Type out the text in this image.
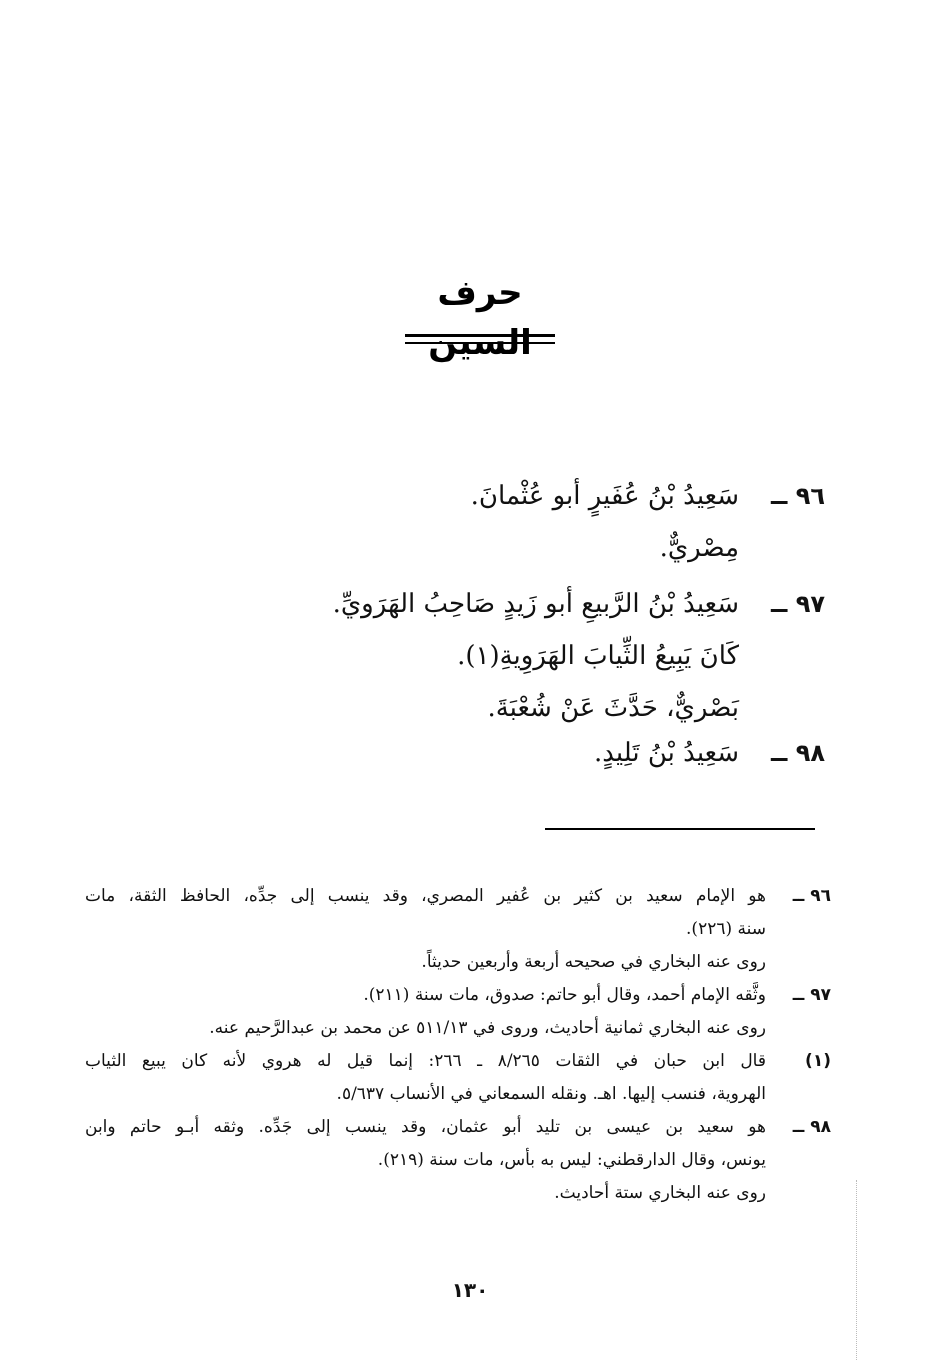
حرف السين
٩٦ ــ
سَعِيدُ بْنُ عُفَيرٍ أبو عُثْمانَ.
مِصْريٌّ.
٩٧ ــ
سَعِيدُ بْنُ الرَّبيعِ أبو زَيدٍ صَاحِبُ الهَرَويِّ.
كَانَ يَبِيعُ الثِّيابَ الهَرَوِيةِ(١).
بَصْريٌّ، حَدَّثَ عَنْ شُعْبَةَ.
٩٨ ــ
سَعِيدُ بْنُ تَلِيدٍ.
٩٦ ــ
هو الإمام سعيد بن كثير بن عُفير المصري، وقد ينسب إلى جدِّه، الحافظ الثقة، مات
سنة (٢٢٦).
روى عنه البخاري في صحيحه أربعة وأربعين حديثاً.
٩٧ ــ
وثَّقه الإمام أحمد، وقال أبو حاتم: صدوق، مات سنة (٢١١).
روى عنه البخاري ثمانية أحاديث، وروى في ٥١١/١٣ عن محمد بن عبدالرَّحيم عنه.
(١)
قال ابن حبان في الثقات ٨/٢٦٥ ـ ٢٦٦: إنما قيل له هروي لأنه كان يبيع الثياب
الهروية، فنسب إليها. اهـ. ونقله السمعاني في الأنساب ٥/٦٣٧.
٩٨ ــ
هو سعيد بن عيسى بن تليد أبو عثمان، وقد ينسب إلى جَدِّه. وثقه أبـو حاتم وابن
يونس، وقال الدارقطني: ليس به بأس، مات سنة (٢١٩).
روى عنه البخاري ستة أحاديث.
١٣٠
